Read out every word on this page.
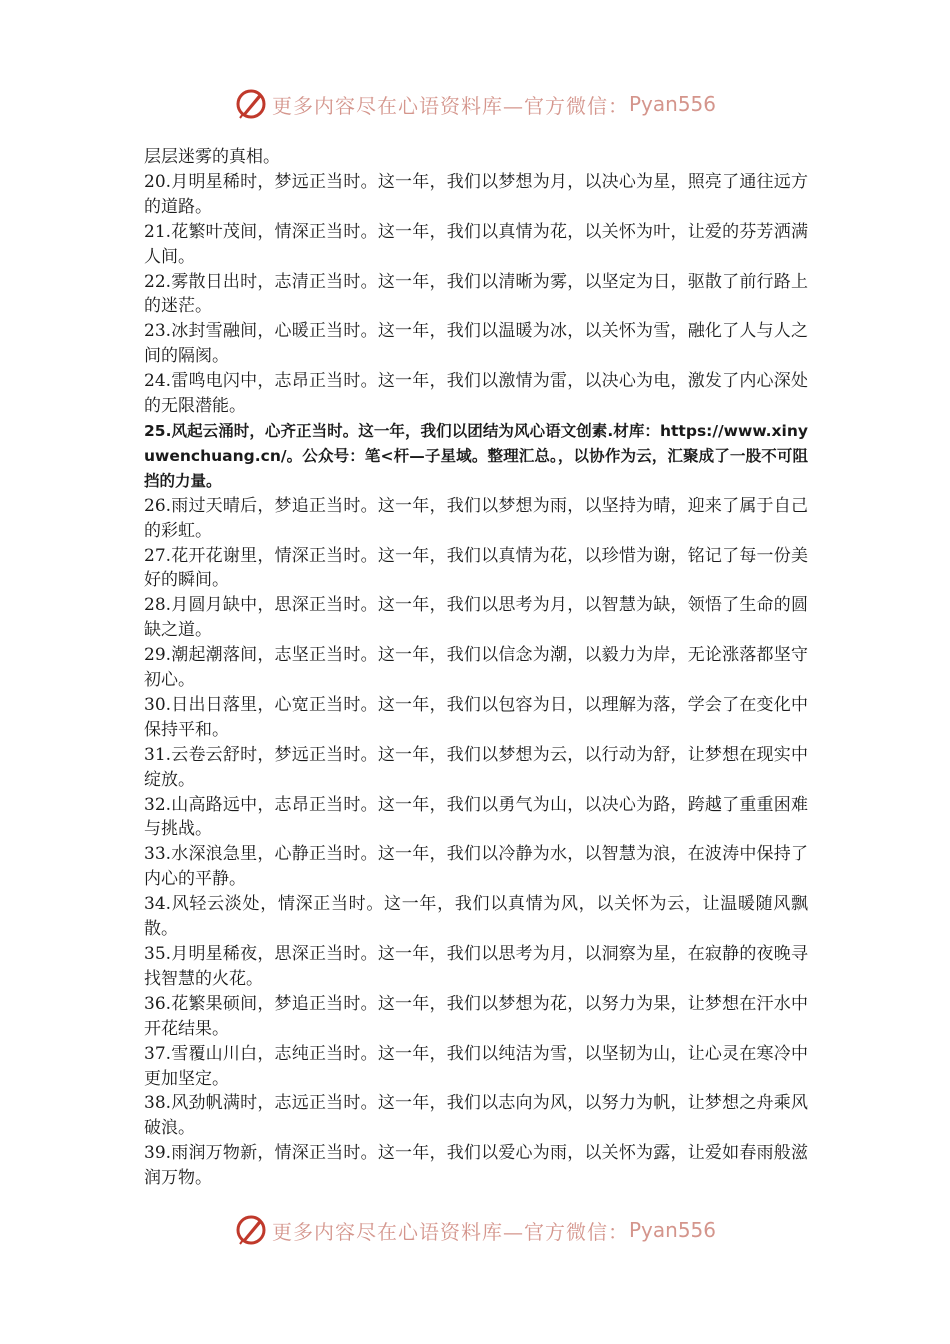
更多内容尽在心语资料库—官方微信： Pyan556

层层迷雾的真相。

20.月明星稀时，梦远正当时。这一年，我们以梦想为月，以决心为星，照亮了通往远方的道路。

21.花繁叶茂间，情深正当时。这一年，我们以真情为花，以关怀为叶，让爱的芬芳洒满人间。

22.雾散日出时，志清正当时。这一年，我们以清晰为雾，以坚定为日，驱散了前行路上的迷茫。

23.冰封雪融间，心暖正当时。这一年，我们以温暖为冰，以关怀为雪，融化了人与人之间的隔阂。

24.雷鸣电闪中，志昂正当时。这一年，我们以激情为雷，以决心为电，激发了内心深处的无限潜能。

25.风起云涌时，心齐正当时。这一年，我们以团结为风心语文创素.材库：https://www.xinyuwenchuang.cn/。公众号：笔<杆—子星域。整理汇总。，以协作为云，汇聚成了一股不可阻挡的力量。

26.雨过天晴后，梦追正当时。这一年，我们以梦想为雨，以坚持为晴，迎来了属于自己的彩虹。

27.花开花谢里，情深正当时。这一年，我们以真情为花，以珍惜为谢，铭记了每一份美好的瞬间。

28.月圆月缺中，思深正当时。这一年，我们以思考为月，以智慧为缺，领悟了生命的圆缺之道。

29.潮起潮落间，志坚正当时。这一年，我们以信念为潮，以毅力为岸，无论涨落都坚守初心。

30.日出日落里，心宽正当时。这一年，我们以包容为日，以理解为落，学会了在变化中保持平和。

31.云卷云舒时，梦远正当时。这一年，我们以梦想为云，以行动为舒，让梦想在现实中绽放。

32.山高路远中，志昂正当时。这一年，我们以勇气为山，以决心为路，跨越了重重困难与挑战。

33.水深浪急里，心静正当时。这一年，我们以冷静为水，以智慧为浪，在波涛中保持了内心的平静。

34.风轻云淡处，情深正当时。这一年，我们以真情为风，以关怀为云，让温暖随风飘散。

35.月明星稀夜，思深正当时。这一年，我们以思考为月，以洞察为星，在寂静的夜晚寻找智慧的火花。

36.花繁果硕间，梦追正当时。这一年，我们以梦想为花，以努力为果，让梦想在汗水中开花结果。

37.雪覆山川白，志纯正当时。这一年，我们以纯洁为雪，以坚韧为山，让心灵在寒冷中更加坚定。

38.风劲帆满时，志远正当时。这一年，我们以志向为风，以努力为帆，让梦想之舟乘风破浪。

39.雨润万物新，情深正当时。这一年，我们以爱心为雨，以关怀为露，让爱如春雨般滋润万物。

更多内容尽在心语资料库—官方微信： Pyan556
